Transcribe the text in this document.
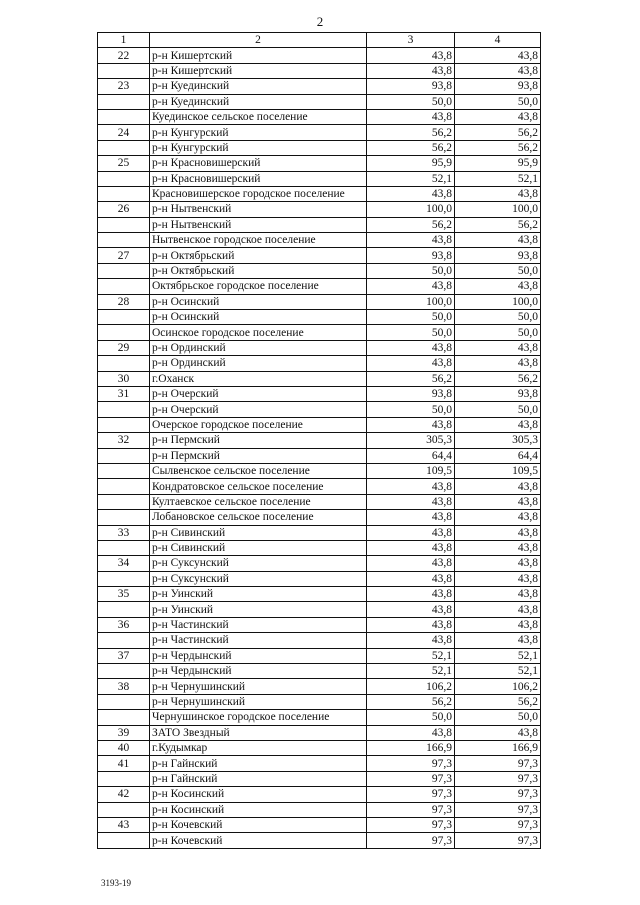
2
1	2	3	4
22	р-н Кишертский	43,8	43,8
	р-н Кишертский	43,8	43,8
23	р-н Куединский	93,8	93,8
	р-н Куединский	50,0	50,0
	Куединское сельское поселение	43,8	43,8
24	р-н Кунгурский	56,2	56,2
	р-н Кунгурский	56,2	56,2
25	р-н Красновишерский	95,9	95,9
	р-н Красновишерский	52,1	52,1
	Красновишерское городское поселение	43,8	43,8
26	р-н Нытвенский	100,0	100,0
	р-н Нытвенский	56,2	56,2
	Нытвенское городское поселение	43,8	43,8
27	р-н Октябрьский	93,8	93,8
	р-н Октябрьский	50,0	50,0
	Октябрьское городское поселение	43,8	43,8
28	р-н Осинский	100,0	100,0
	р-н Осинский	50,0	50,0
	Осинское городское поселение	50,0	50,0
29	р-н Ординский	43,8	43,8
	р-н Ординский	43,8	43,8
30	г.Оханск	56,2	56,2
31	р-н Очерский	93,8	93,8
	р-н Очерский	50,0	50,0
	Очерское городское поселение	43,8	43,8
32	р-н Пермский	305,3	305,3
	р-н Пермский	64,4	64,4
	Сылвенское сельское поселение	109,5	109,5
	Кондратовское сельское поселение	43,8	43,8
	Култаевское сельское поселение	43,8	43,8
	Лобановское сельское поселение	43,8	43,8
33	р-н Сивинский	43,8	43,8
	р-н Сивинский	43,8	43,8
34	р-н Суксунский	43,8	43,8
	р-н Суксунский	43,8	43,8
35	р-н Уинский	43,8	43,8
	р-н Уинский	43,8	43,8
36	р-н Частинский	43,8	43,8
	р-н Частинский	43,8	43,8
37	р-н Чердынский	52,1	52,1
	р-н Чердынский	52,1	52,1
38	р-н Чернушинский	106,2	106,2
	р-н Чернушинский	56,2	56,2
	Чернушинское городское поселение	50,0	50,0
39	ЗАТО Звездный	43,8	43,8
40	г.Кудымкар	166,9	166,9
41	р-н Гайнский	97,3	97,3
	р-н Гайнский	97,3	97,3
42	р-н Косинский	97,3	97,3
	р-н Косинский	97,3	97,3
43	р-н Кочевский	97,3	97,3
	р-н Кочевский	97,3	97,3
3193-19
